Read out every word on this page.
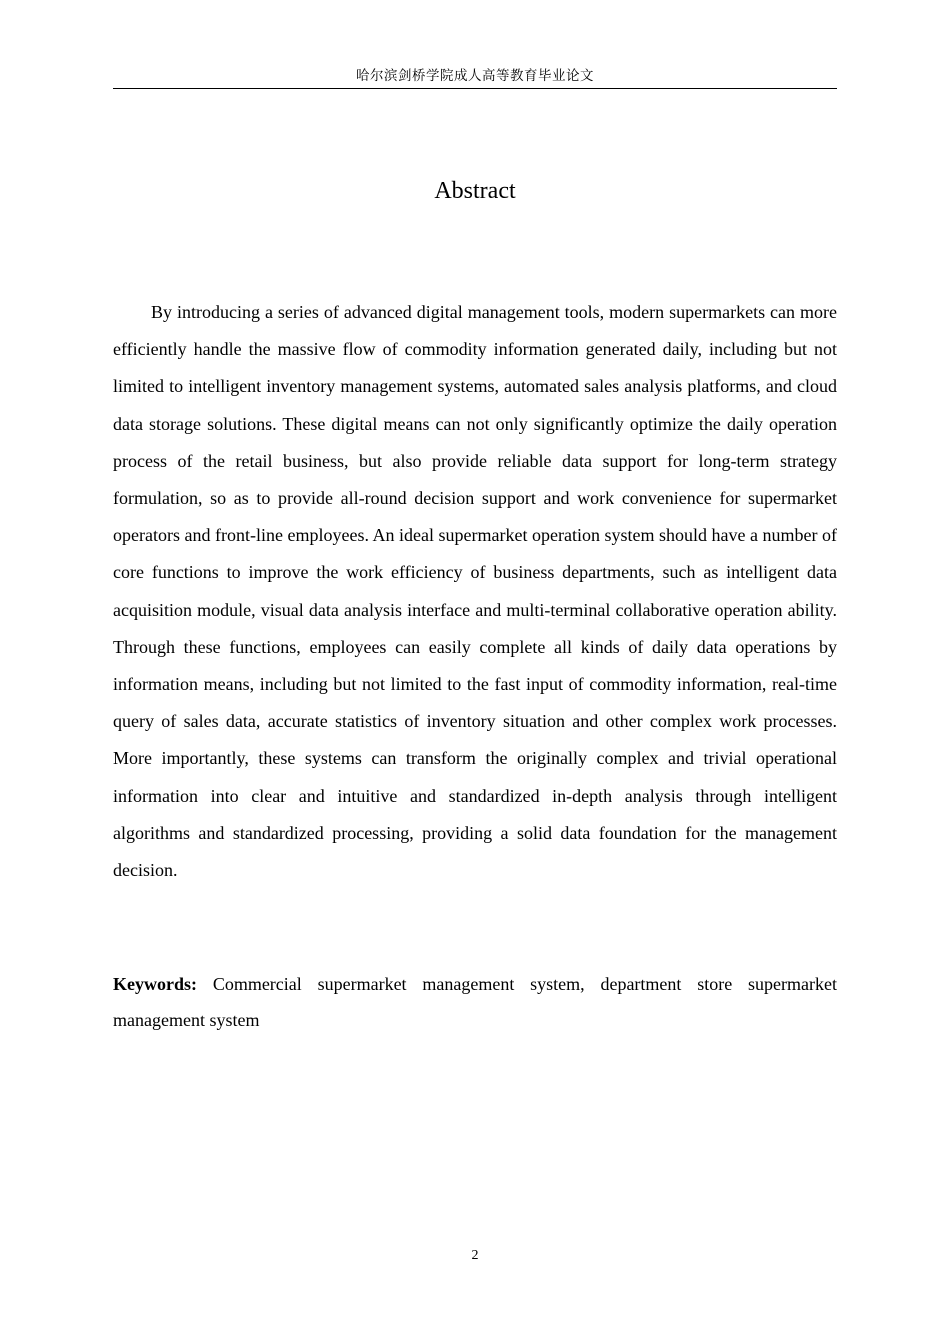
哈尔滨剑桥学院成人高等教育毕业论文
Abstract

By introducing a series of advanced digital management tools, modern supermarkets can more efficiently handle the massive flow of commodity information generated daily, including but not limited to intelligent inventory management systems, automated sales analysis platforms, and cloud data storage solutions. These digital means can not only significantly optimize the daily operation process of the retail business, but also provide reliable data support for long-term strategy formulation, so as to provide all-round decision support and work convenience for supermarket operators and front-line employees. An ideal supermarket operation system should have a number of core functions to improve the work efficiency of business departments, such as intelligent data acquisition module, visual data analysis interface and multi-terminal collaborative operation ability. Through these functions, employees can easily complete all kinds of daily data operations by information means, including but not limited to the fast input of commodity information, real-time query of sales data, accurate statistics of inventory situation and other complex work processes. More importantly, these systems can transform the originally complex and trivial operational information into clear and intuitive and standardized in-depth analysis through intelligent algorithms and standardized processing, providing a solid data foundation for the management decision.

Keywords: Commercial supermarket management system, department store supermarket management system

2
